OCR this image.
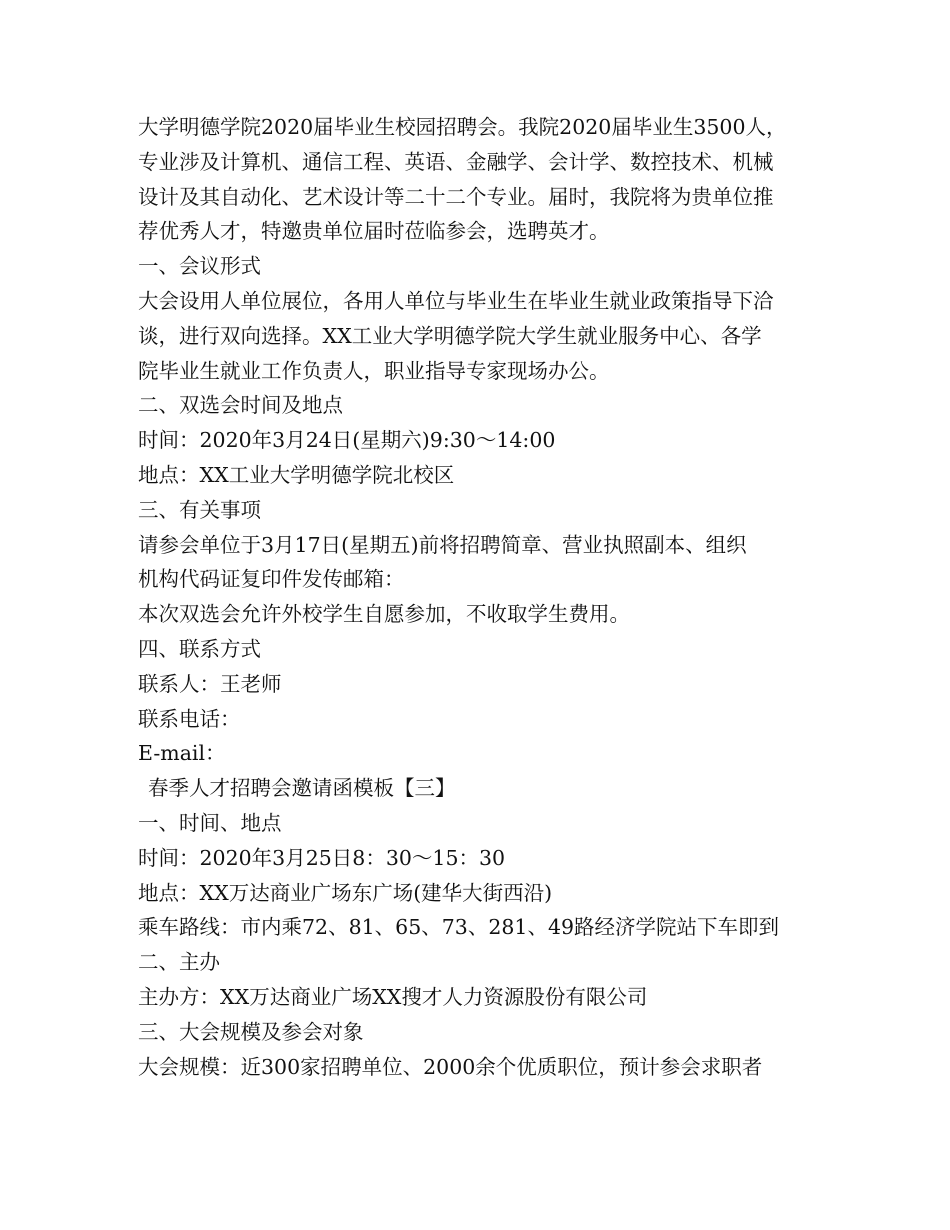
大学明德学院2020届毕业生校园招聘会。我院2020届毕业生3500人，
专业涉及计算机、通信工程、英语、金融学、会计学、数控技术、机械
设计及其自动化、艺术设计等二十二个专业。届时，我院将为贵单位推
荐优秀人才，特邀贵单位届时莅临参会，选聘英才。
一、会议形式
大会设用人单位展位，各用人单位与毕业生在毕业生就业政策指导下洽
谈，进行双向选择。XX工业大学明德学院大学生就业服务中心、各学
院毕业生就业工作负责人，职业指导专家现场办公。
二、双选会时间及地点
时间：2020年3月24日(星期六)9:30～14:00
地点：XX工业大学明德学院北校区
三、有关事项
请参会单位于3月17日(星期五)前将招聘简章、营业执照副本、组织
机构代码证复印件发传邮箱：
本次双选会允许外校学生自愿参加，不收取学生费用。
四、联系方式
联系人：王老师
联系电话：
E-mail：
春季人才招聘会邀请函模板【三】
一、时间、地点
时间：2020年3月25日8：30～15：30
地点：XX万达商业广场东广场(建华大街西沿)
乘车路线：市内乘72、81、65、73、281、49路经济学院站下车即到
二、主办
主办方：XX万达商业广场XX搜才人力资源股份有限公司
三、大会规模及参会对象
大会规模：近300家招聘单位、2000余个优质职位，预计参会求职者
